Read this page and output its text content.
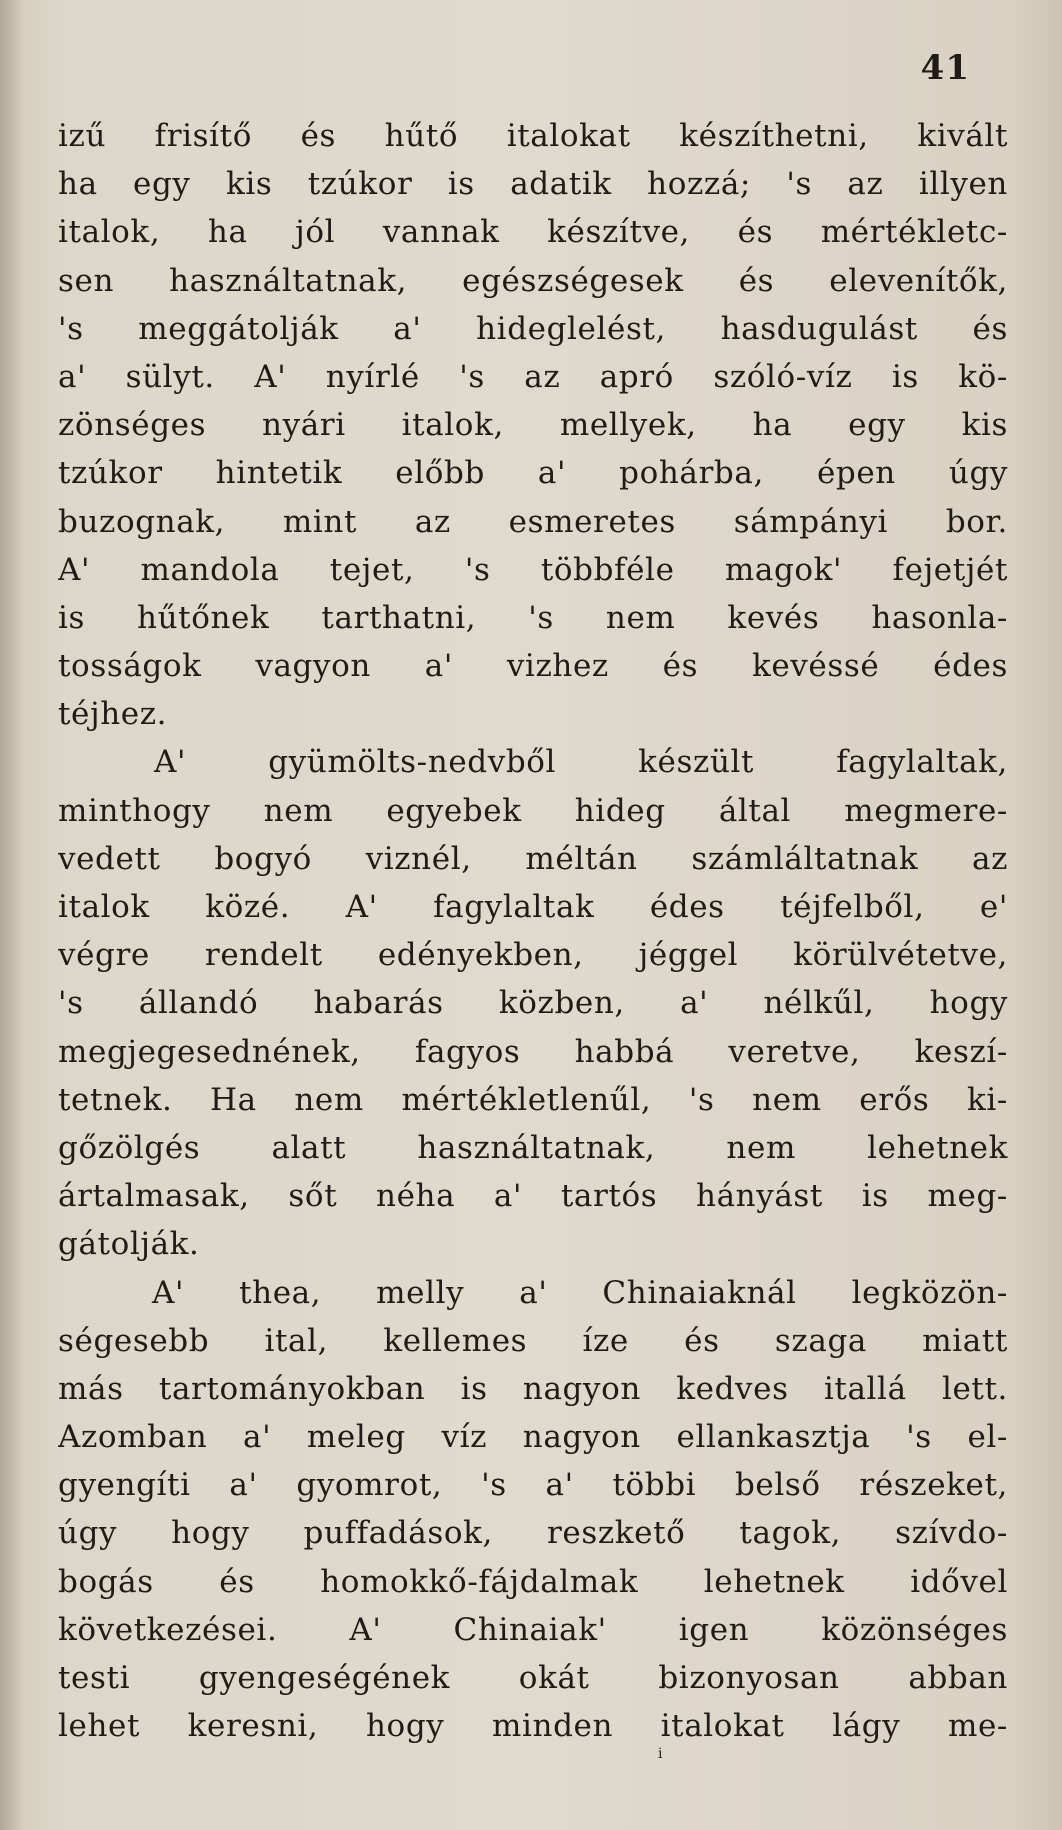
41
izű frisítő és hűtő italokat készíthetni, kivált
ha egy kis tzúkor is adatik hozzá; 's az illyen
italok, ha jól vannak készítve, és mértékletc-
sen használtatnak, egészségesek és elevenítők,
's meggátolják a' hideglelést, hasdugulást és
a' sülyt. A' nyírlé 's az apró szóló-víz is kö-
zönséges nyári italok, mellyek, ha egy kis
tzúkor hintetik előbb a' pohárba, épen úgy
buzognak, mint az esmeretes sámpányi bor.
A' mandola tejet, 's többféle magok' fejetjét
is hűtőnek tarthatni, 's nem kevés hasonla-
tosságok vagyon a' vizhez és kevéssé édes
téjhez.
A' gyümölts-nedvből készült fagylaltak,
minthogy nem egyebek hideg által megmere-
vedett bogyó viznél, méltán számláltatnak az
italok közé. A' fagylaltak édes téjfelből, e'
végre rendelt edényekben, jéggel körülvétetve,
's állandó habarás közben, a' nélkűl, hogy
megjegesednének, fagyos habbá veretve, keszí-
tetnek. Ha nem mértékletlenűl, 's nem erős ki-
gőzölgés alatt használtatnak, nem lehetnek
ártalmasak, sőt néha a' tartós hányást is meg-
gátolják.
A' thea, melly a' Chinaiaknál legközön-
ségesebb ital, kellemes íze és szaga miatt
más tartományokban is nagyon kedves itallá lett.
Azomban a' meleg víz nagyon ellankasztja 's el-
gyengíti a' gyomrot, 's a' többi belső részeket,
úgy hogy puffadások, reszkető tagok, szívdo-
bogás és homokkő-fájdalmak lehetnek idővel
következései. A' Chinaiak' igen közönséges
testi gyengeségének okát bizonyosan abban
lehet keresni, hogy minden italokat lágy me-
i
